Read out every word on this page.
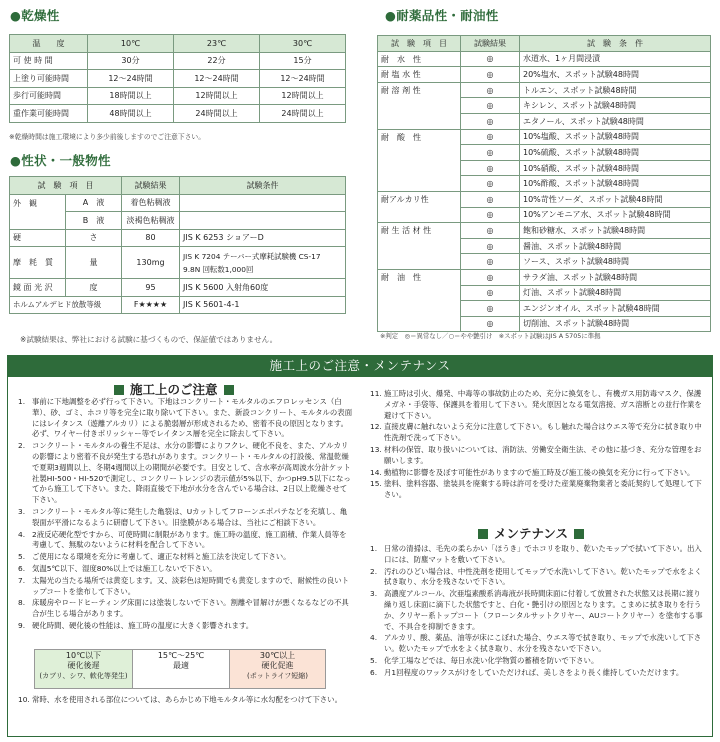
●乾燥性
温　　度	10℃	23℃	30℃
可 使 時 間	30分	22分	15分
上塗り可能時間	12〜24時間	12〜24時間	12〜24時間
歩行可能時間	18時間以上	12時間以上	12時間以上
重作業可能時間	48時間以上	24時間以上	24時間以上
※乾燥時間は施工環境により多少前後しますのでご注意下さい。
●性状・一般物性
試　験　項　目		試験結果	試験条件
外　観	A　液	着色粘稠液	
	B　液	淡褐色粘稠液	
硬	さ	80	JIS K 6253 ショアーD
摩　耗　質	量	130mg	JIS K 7204 テーバー式摩耗試験機 CS-17
9.8N 回転数1,000回

鏡 面 光 沢	度	95	JIS K 5600 入射角60度
ホルムアルデヒド放散等級		F★★★★	JIS K 5601-4-1
※試験結果は、弊社における試験に基づくもので、保証値ではありません。
●耐薬品性・耐油性
試　験　項　目	試験結果	試　験　条　件
耐　水　性	◎	水道水、1ヶ月間浸漬
耐 塩 水 性	◎	20%塩水、スポット試験48時間
耐 溶 剤 性	◎	トルエン、スポット試験48時間
	◎	キシレン、スポット試験48時間
	◎	エタノール、スポット試験48時間
耐　酸　性	◎	10%塩酸、スポット試験48時間
	◎	10%硫酸、スポット試験48時間
	◎	10%硝酸、スポット試験48時間
	◎	10%酢酸、スポット試験48時間
耐アルカリ性	◎	10%苛性ソーダ、スポット試験48時間
	◎	10%アンモニア水、スポット試験48時間
耐 生 活 材 性	◎	飽和砂糖水、スポット試験48時間
	◎	醤油、スポット試験48時間
	◎	ソース、スポット試験48時間
耐　油　性	◎	サラダ油、スポット試験48時間
	◎	灯油、スポット試験48時間
	◎	エンジンオイル、スポット試験48時間
	◎	切削油、スポット試験48時間
※判定　◎＝異常なし／○＝やや艶引け　※スポット試験はJIS A 5705に準拠
施工上のご注意・メンテナンス
施工上のご注意

1. 事前に下地調整を必ず行って下さい。下地はコンクリート・モルタルのエフロレッセンス（白華）、砂、ゴミ、ホコリ等を完全に取り除いて下さい。また、新設コンクリート、モルタルの表面にはレイタンス（遊離アルカリ）による脆弱層が形成されるため、密着不良の原因となります。必ず、ワイヤー付きポリッシャー等でレイタンス層を完全に除去して下さい。

2. コンクリート・モルタルの養生不足は、水分の影響によりフクレ、硬化不良を、また、アルカリの影響により密着不良が発生する恐れがあります。コンクリート・モルタルの打設後、常温乾燥で夏期3週間以上、冬期4週間以上の期間が必要です。目安として、含水率が高周波水分計ケット社製HI-500・HI-520で測定し、コンクリートレンジの表示値が5%以下、かつpH9.5以下になってから施工して下さい。また、降雨直後で下地が水分を含んでいる場合は、2日以上乾燥させて下さい。

3. コンクリート・モルタル等に発生した亀裂は、Uカットしてフローンエポパテなどを充填し、亀裂面が平滑になるように研磨して下さい。旧塗膜がある場合は、当社にご相談下さい。

4. 2液反応硬化型ですから、可使時間に制限があります。施工時の温度、施工面積、作業人員等を考慮して、無駄のないように材料を配合して下さい。

5. ご使用になる環境を充分に考慮して、適正な材料と施工法を決定して下さい。

6. 気温5℃以下、湿度80%以上では施工しないで下さい。

7. 太陽光の当たる場所では黄変します。又、淡彩色は短時間でも黄変しますので、耐候性の良いトップコートを塗布して下さい。

8. 床暖房やロードヒーティング床面には塗装しないで下さい。割離や冒解けが悪くなるなどの不具合が生じる場合があります。

9. 硬化時間、硬化後の性能は、施工時の温度に大きく影響されます。

10℃以下
硬化後遅
(カブリ、シワ、軟化等発生)
15℃〜25℃
最適
30℃以上
硬化促進
(ポットライフ短縮)

10. 常時、水を使用される部位については、あらかじめ下地モルタル等に水勾配をつけて下さい。

11. 施工時は引火、爆発、中毒等の事故防止のため、充分に換気をし、有機ガス用防毒マスク、保護メガネ・手袋等、保護具を着用して下さい。発火原因となる電気溶接、ガス溶断との並行作業を避けて下さい。

12. 直接皮膚に触れないよう充分に注意して下さい。もし触れた場合はウエス等で充分に拭き取り中性洗剤で洗って下さい。

13. 材料の保管、取り扱いについては、消防法、労働安全衛生法、その他に基づき、充分な管理をお願いします。

14. 動植物に影響を及ぼす可能性がありますので施工時及び施工後の換気を充分に行って下さい。

15. 塗料、塗料容器、塗装具を廃棄する時は許可を受けた産業廃棄物業者と委託契約して処理して下さい。

メンテナンス

1. 日常の清掃は、毛先の柔らかい「ほうき」でホコリを取り、乾いたモップで拭いて下さい。出入口には、防塵マットを敷いて下さい。

2. 汚れのひどい場合は、中性洗剤を使用してモップで水洗いして下さい。乾いたモップで水をよく拭き取り、水分を残さないで下さい。

3. 高濃度アルコール、次亜塩素酸系消毒液が長時間床面に付着して放置された状態又は長期に渡り繰り返し床面に滴下した状態ですと、白化・艶引けの原因となります。こまめに拭き取りを行うか、クリヤー系トップコート（フローンタルサットクリヤー、AUコートクリヤー）を塗布する事で、不具合を抑制できます。

4. アルカリ、酸、薬品、油等が床にこぼれた場合、ウエス等で拭き取り、モップで水洗いして下さい。乾いたモップで水をよく拭き取り、水分を残さないで下さい。

5. 化学工場などでは、毎日水洗い化学物質の蓄積を防いで下さい。

6. 月1回程度のワックスがけをしていただければ、美しさをより長く維持していただけます。
